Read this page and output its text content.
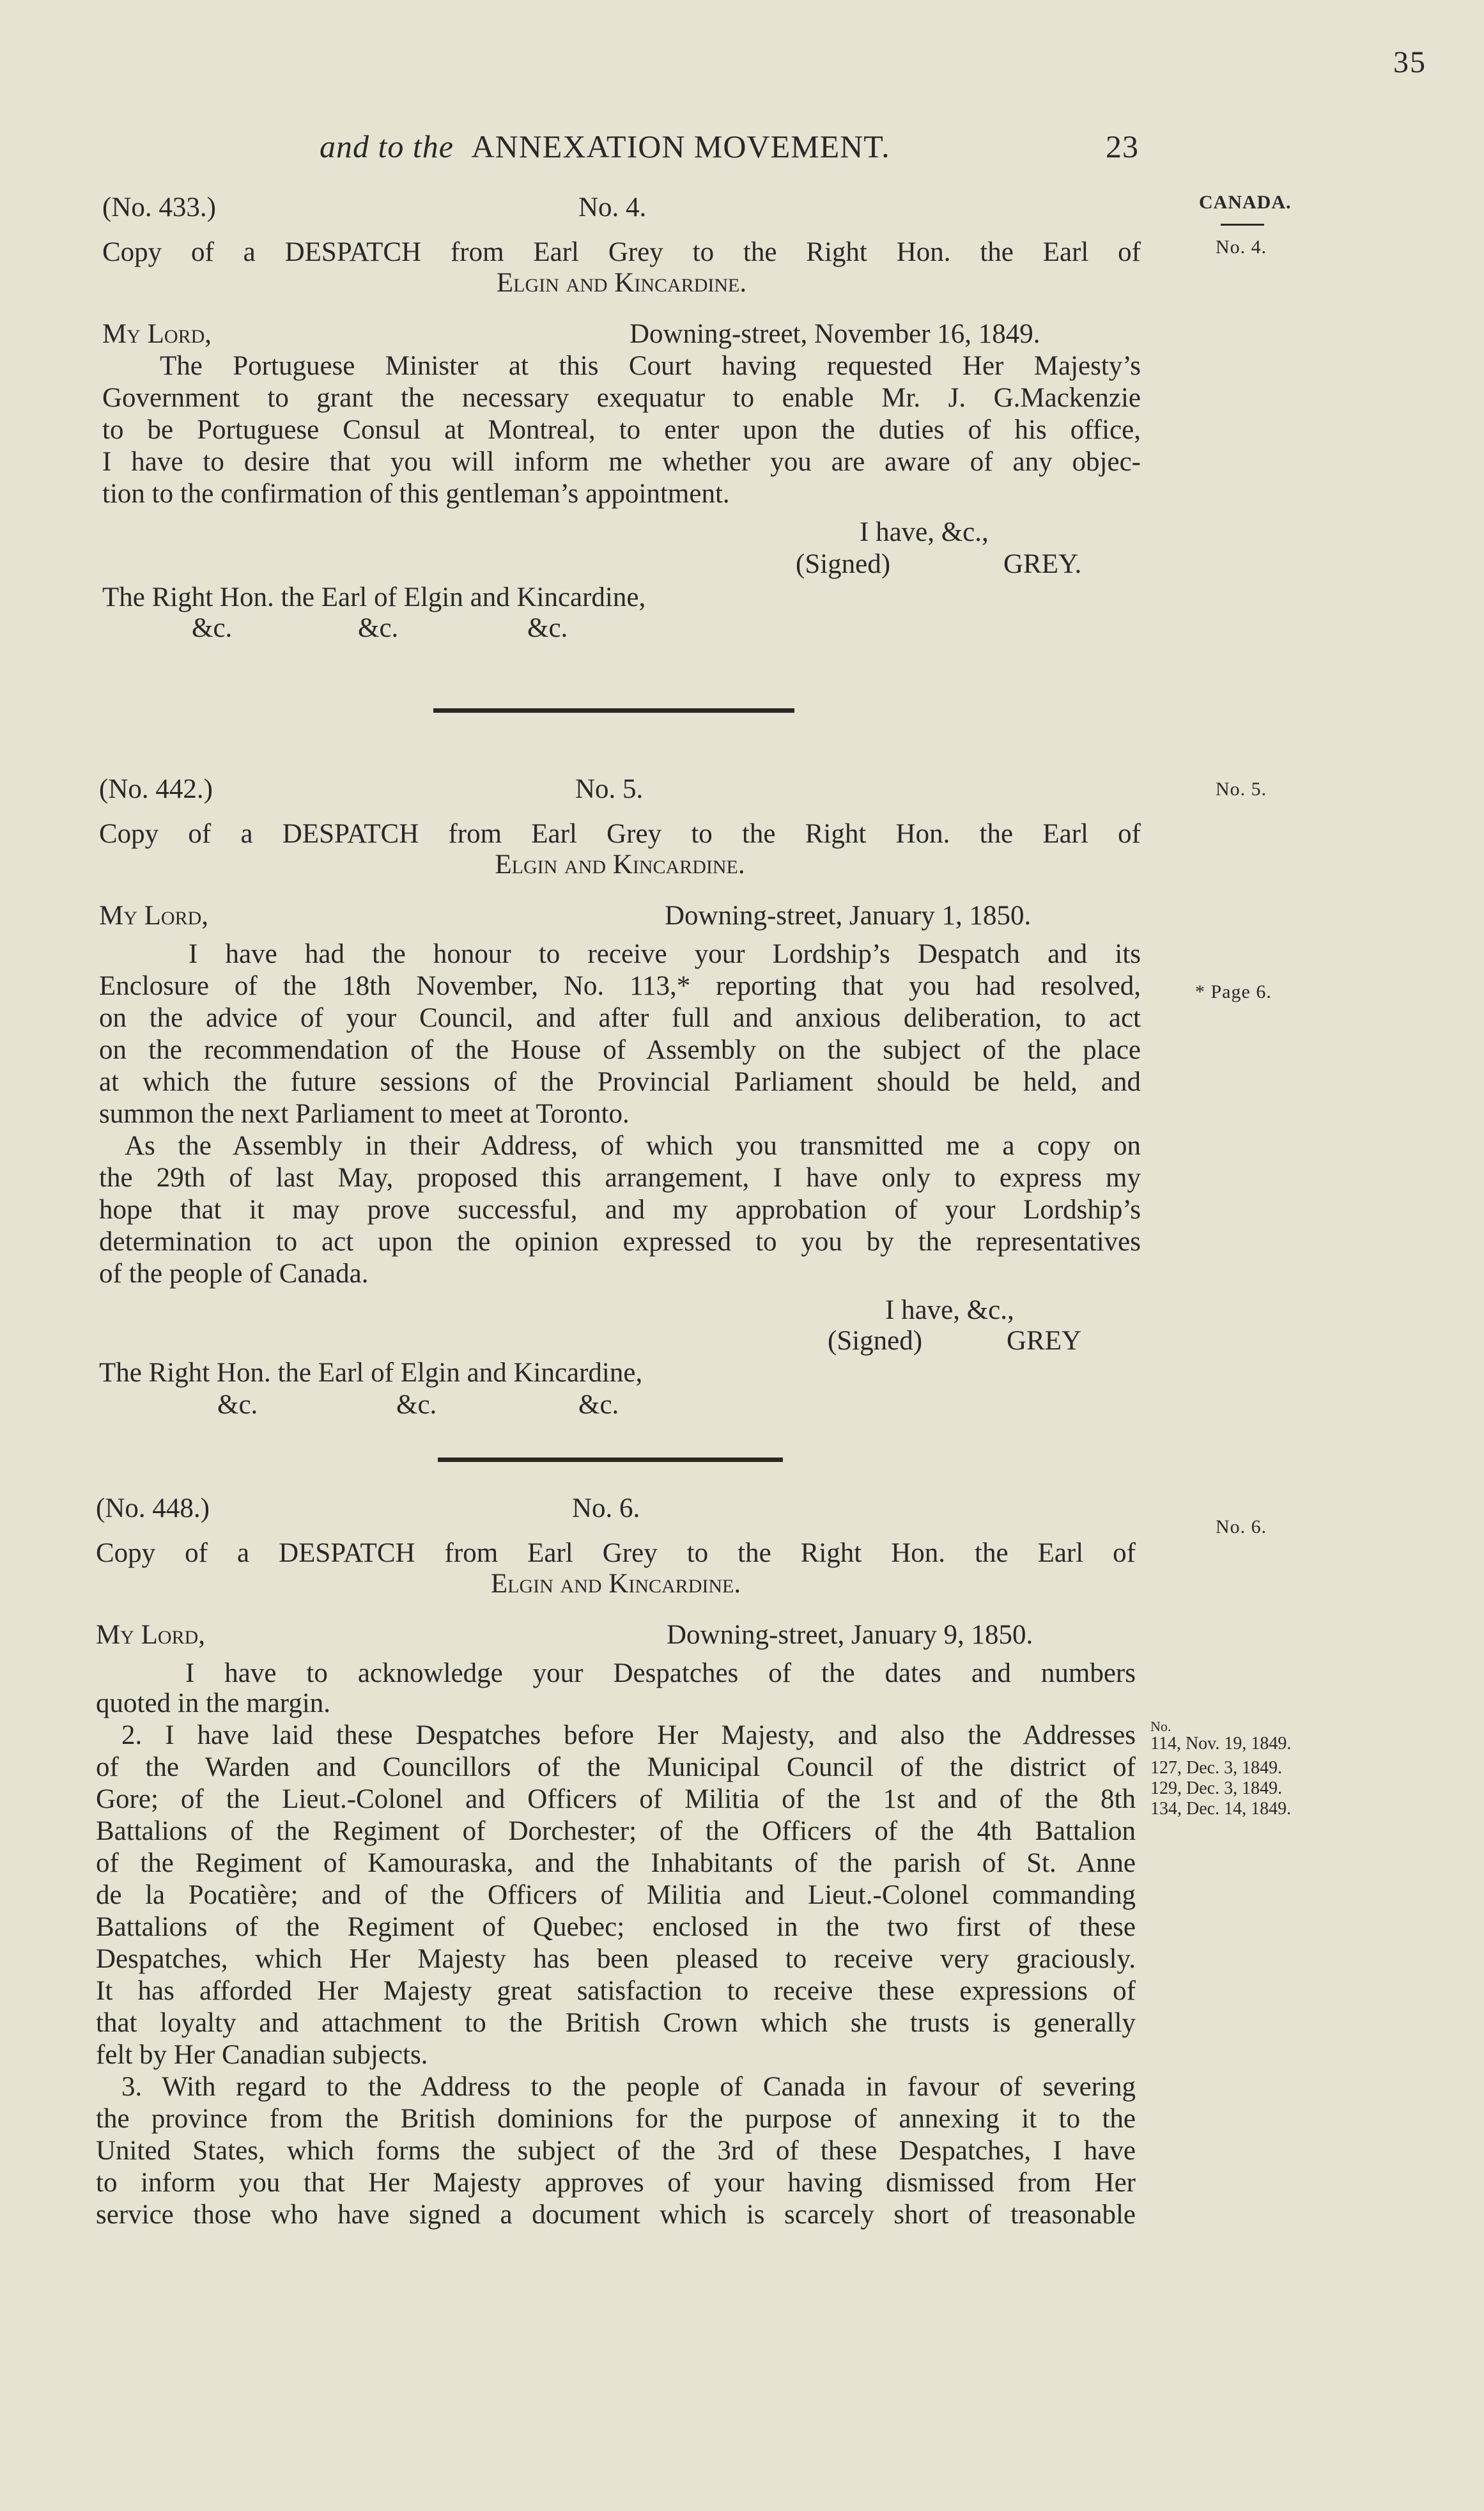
35
and to the ANNEXATION MOVEMENT.	23
CANADA.
No. 4.
No. 5.
* Page 6.
No. 6.
No.
114, Nov. 19, 1849.
127, Dec. 3, 1849.
129, Dec. 3, 1849.
134, Dec. 14, 1849.
(No. 433.)	No. 4.
Copy of a DESPATCH from Earl Grey to the Right Hon. the Earl of
Elgin and Kincardine.
My Lord,	Downing-street, November 16, 1849.
The Portuguese Minister at this Court having requested Her Majesty’s
Government to grant the necessary exequatur to enable Mr. J. G.Mackenzie
to be Portuguese Consul at Montreal, to enter upon the duties of his office,
I have to desire that you will inform me whether you are aware of any objec-
tion to the confirmation of this gentleman’s appointment.
I have, &c.,
(Signed)	GREY.
The Right Hon. the Earl of Elgin and Kincardine,
&c.	&c.	&c.
(No. 442.)	No. 5.
Copy of a DESPATCH from Earl Grey to the Right Hon. the Earl of
Elgin and Kincardine.
My Lord,	Downing-street, January 1, 1850.
I have had the honour to receive your Lordship’s Despatch and its
Enclosure of the 18th November, No. 113,* reporting that you had resolved,
on the advice of your Council, and after full and anxious deliberation, to act
on the recommendation of the House of Assembly on the subject of the place
at which the future sessions of the Provincial Parliament should be held, and
summon the next Parliament to meet at Toronto.
As the Assembly in their Address, of which you transmitted me a copy on
the 29th of last May, proposed this arrangement, I have only to express my
hope that it may prove successful, and my approbation of your Lordship’s
determination to act upon the opinion expressed to you by the representatives
of the people of Canada.
I have, &c.,
(Signed)	GREY
The Right Hon. the Earl of Elgin and Kincardine,
&c.	&c.	&c.
(No. 448.)	No. 6.
Copy of a DESPATCH from Earl Grey to the Right Hon. the Earl of
Elgin and Kincardine.
My Lord,	Downing-street, January 9, 1850.
I have to acknowledge your Despatches of the dates and numbers
quoted in the margin.
2. I have laid these Despatches before Her Majesty, and also the Addresses
of the Warden and Councillors of the Municipal Council of the district of
Gore; of the Lieut.-Colonel and Officers of Militia of the 1st and of the 8th
Battalions of the Regiment of Dorchester; of the Officers of the 4th Battalion
of the Regiment of Kamouraska, and the Inhabitants of the parish of St. Anne
de la Pocatière; and of the Officers of Militia and Lieut.-Colonel commanding
Battalions of the Regiment of Quebec; enclosed in the two first of these
Despatches, which Her Majesty has been pleased to receive very graciously.
It has afforded Her Majesty great satisfaction to receive these expressions of
that loyalty and attachment to the British Crown which she trusts is generally
felt by Her Canadian subjects.
3. With regard to the Address to the people of Canada in favour of severing
the province from the British dominions for the purpose of annexing it to the
United States, which forms the subject of the 3rd of these Despatches, I have
to inform you that Her Majesty approves of your having dismissed from Her
service those who have signed a document which is scarcely short of treasonable
